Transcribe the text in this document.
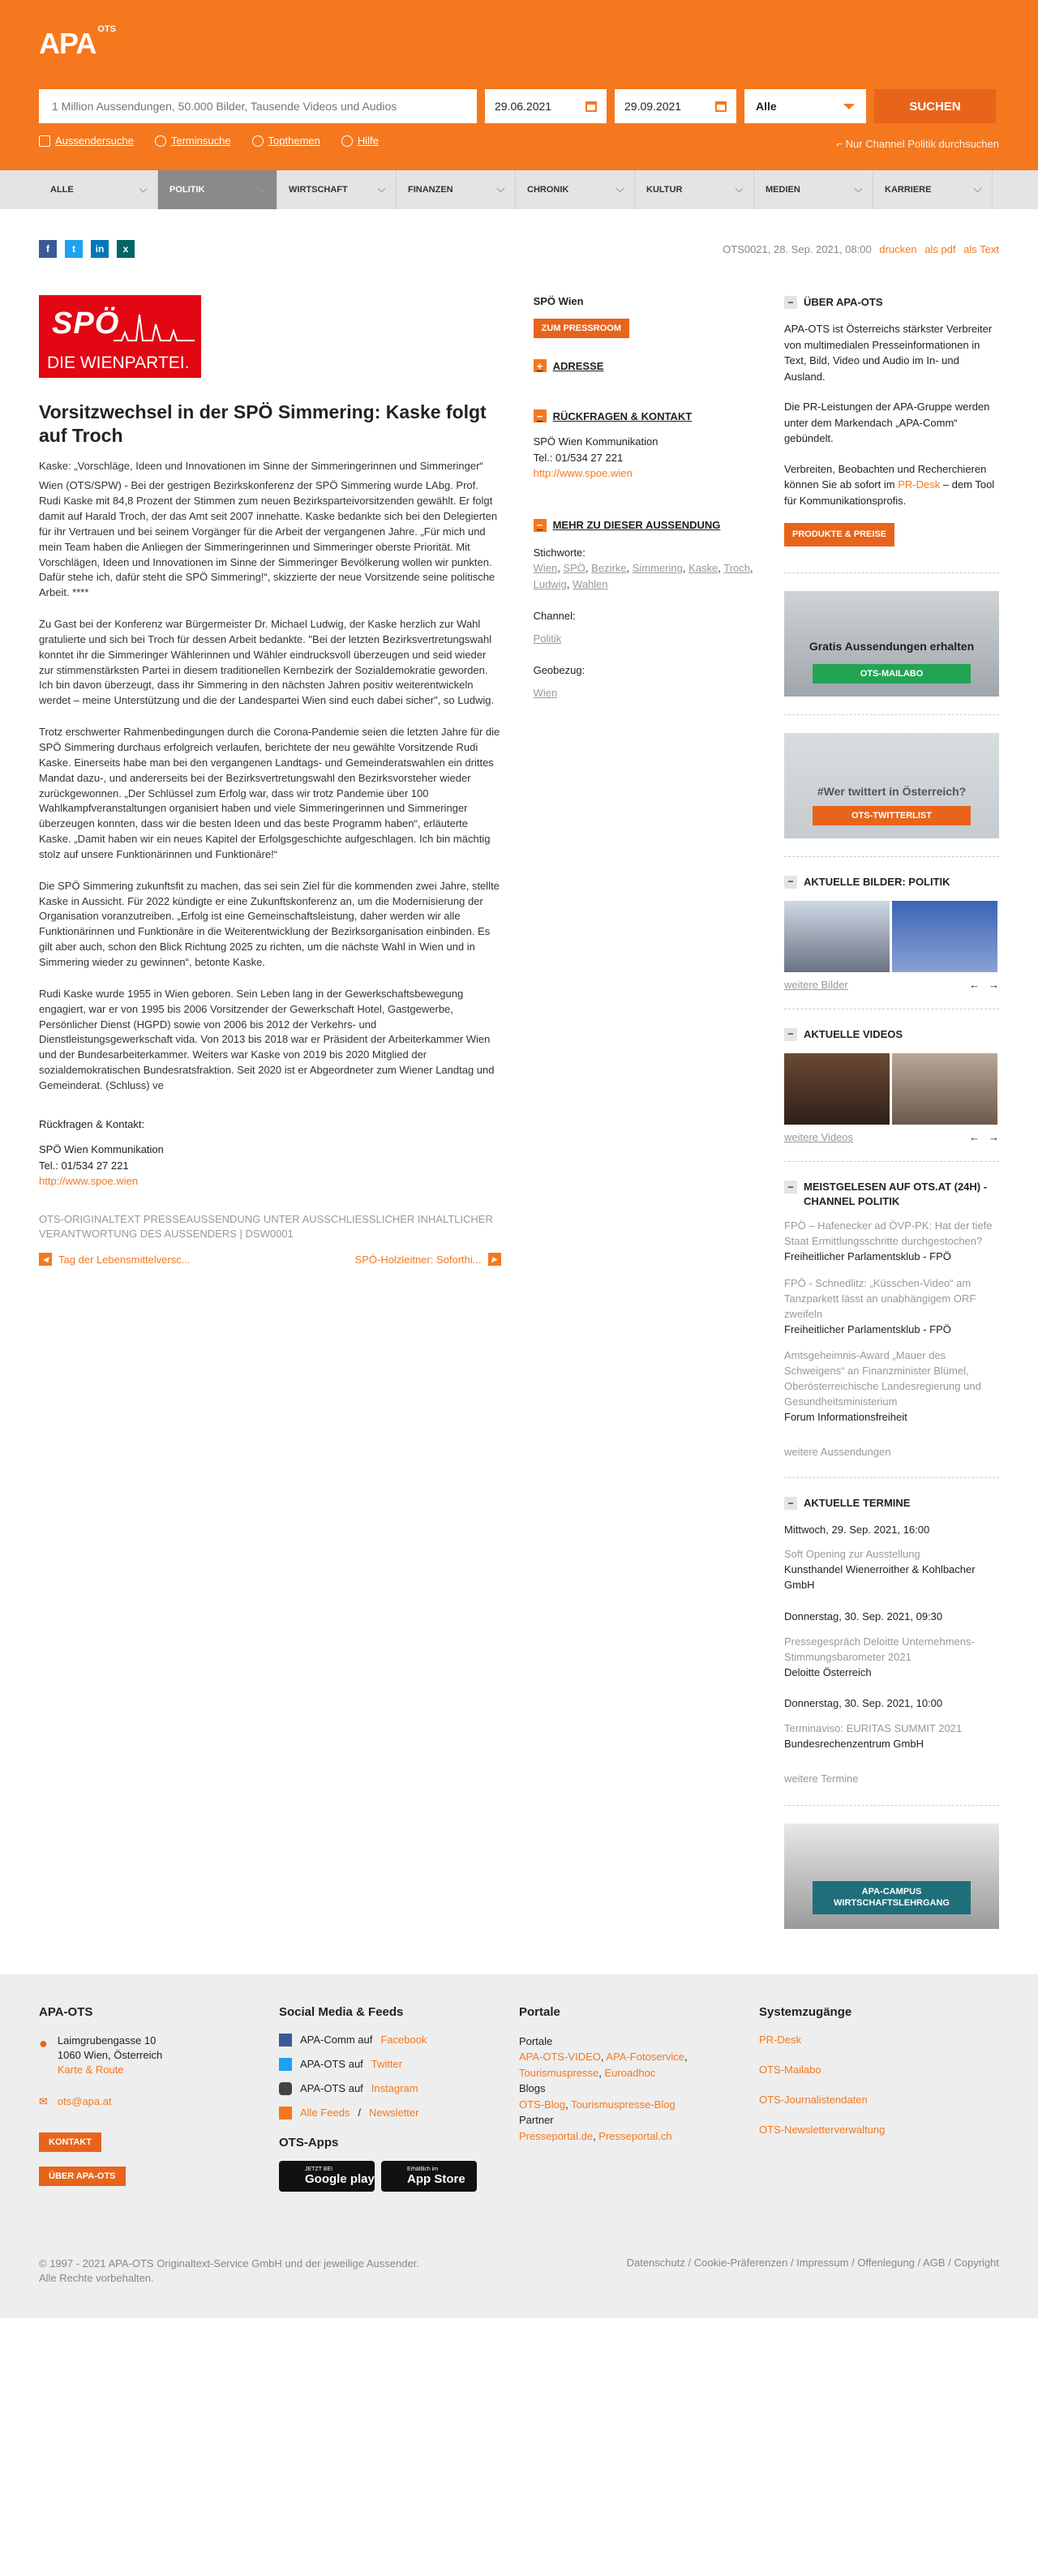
APA OTS
1 Million Aussendungen, 50.000 Bilder, Tausende Videos und Audios
29.06.2021	29.09.2021	Alle	SUCHEN
Aussendersuche	Terminsuche	Topthemen	Hilfe	⌐ Nur Channel Politik durchsuchen
ALLE	POLITIK	WIRTSCHAFT	FINANZEN	CHRONIK	KULTUR	MEDIEN	KARRIERE
f	t	in	x	OTS0021, 28. Sep. 2021, 08:00 drucken als pdf als Text
SPÖ
DIE WIENPARTEI.
Vorsitzwechsel in der SPÖ Simmering: Kaske folgt auf Troch

Kaske: „Vorschläge, Ideen und Innovationen im Sinne der Simmeringerinnen und Simmeringer“

Wien (OTS/SPW) - Bei der gestrigen Bezirkskonferenz der SPÖ Simmering wurde LAbg. Prof. Rudi Kaske mit 84,8 Prozent der Stimmen zum neuen Bezirksparteivorsitzenden gewählt. Er folgt damit auf Harald Troch, der das Amt seit 2007 innehatte. Kaske bedankte sich bei den Delegierten für ihr Vertrauen und bei seinem Vorgänger für die Arbeit der vergangenen Jahre. „Für mich und mein Team haben die Anliegen der Simmeringerinnen und Simmeringer oberste Priorität. Mit Vorschlägen, Ideen und Innovationen im Sinne der Simmeringer Bevölkerung wollen wir punkten. Dafür stehe ich, dafür steht die SPÖ Simmering!“, skizzierte der neue Vorsitzende seine politische Arbeit. ****

Zu Gast bei der Konferenz war Bürgermeister Dr. Michael Ludwig, der Kaske herzlich zur Wahl gratulierte und sich bei Troch für dessen Arbeit bedankte. "Bei der letzten Bezirksvertretungswahl konntet ihr die Simmeringer Wählerinnen und Wähler eindrucksvoll überzeugen und seid wieder zur stimmenstärksten Partei in diesem traditionellen Kernbezirk der Sozialdemokratie geworden. Ich bin davon überzeugt, dass ihr Simmering in den nächsten Jahren positiv weiterentwickeln werdet – meine Unterstützung und die der Landespartei Wien sind euch dabei sicher", so Ludwig.

Trotz erschwerter Rahmenbedingungen durch die Corona-Pandemie seien die letzten Jahre für die SPÖ Simmering durchaus erfolgreich verlaufen, berichtete der neu gewählte Vorsitzende Rudi Kaske. Einerseits habe man bei den vergangenen Landtags- und Gemeinderatswahlen ein drittes Mandat dazu-, und andererseits bei der Bezirksvertretungswahl den Bezirksvorsteher wieder zurückgewonnen. „Der Schlüssel zum Erfolg war, dass wir trotz Pandemie über 100 Wahlkampfveranstaltungen organisiert haben und viele Simmeringerinnen und Simmeringer überzeugen konnten, dass wir die besten Ideen und das beste Programm haben“, erläuterte Kaske. „Damit haben wir ein neues Kapitel der Erfolgsgeschichte aufgeschlagen. Ich bin mächtig stolz auf unsere Funktionärinnen und Funktionäre!“

Die SPÖ Simmering zukunftsfit zu machen, das sei sein Ziel für die kommenden zwei Jahre, stellte Kaske in Aussicht. Für 2022 kündigte er eine Zukunftskonferenz an, um die Modernisierung der Organisation voranzutreiben. „Erfolg ist eine Gemeinschaftsleistung, daher werden wir alle Funktionärinnen und Funktionäre in die Weiterentwicklung der Bezirksorganisation einbinden. Es gilt aber auch, schon den Blick Richtung 2025 zu richten, um die nächste Wahl in Wien und in Simmering wieder zu gewinnen“, betonte Kaske.

Rudi Kaske wurde 1955 in Wien geboren. Sein Leben lang in der Gewerkschaftsbewegung engagiert, war er von 1995 bis 2006 Vorsitzender der Gewerkschaft Hotel, Gastgewerbe, Persönlicher Dienst (HGPD) sowie von 2006 bis 2012 der Verkehrs- und Dienstleistungsgewerkschaft vida. Von 2013 bis 2018 war er Präsident der Arbeiterkammer Wien und der Bundesarbeiterkammer. Weiters war Kaske von 2019 bis 2020 Mitglied der sozialdemokratischen Bundesratsfraktion. Seit 2020 ist er Abgeordneter zum Wiener Landtag und Gemeinderat. (Schluss) ve

Rückfragen & Kontakt:
SPÖ Wien Kommunikation
Tel.: 01/534 27 221
http://www.spoe.wien
OTS-ORIGINALTEXT PRESSEAUSSENDUNG UNTER AUSSCHLIESSLICHER INHALTLICHER VERANTWORTUNG DES AUSSENDERS | DSW0001
◀ Tag der Lebensmittelversc...	SPÖ-Holzleitner: Soforthi...	▶
SPÖ Wien
ZUM PRESSROOM
+ ADRESSE
− RÜCKFRAGEN & KONTAKT
SPÖ Wien Kommunikation
Tel.: 01/534 27 221
http://www.spoe.wien
− MEHR ZU DIESER AUSSENDUNG
Stichworte:
Wien, SPÖ, Bezirke, Simmering, Kaske, Troch, Ludwig, Wahlen
Channel:
Politik
Geobezug:
Wien
− ÜBER APA-OTS

APA-OTS ist Österreichs stärkster Verbreiter von multimedialen Presseinformationen in Text, Bild, Video und Audio im In- und Ausland.

Die PR-Leistungen der APA-Gruppe werden unter dem Markendach „APA-Comm“ gebündelt.

Verbreiten, Beobachten und Recherchieren können Sie ab sofort im PR-Desk – dem Tool für Kommunikationsprofis.

PRODUKTE & PREISE
Gratis Aussendungen erhalten
OTS-MAILABO
#Wer twittert in Österreich?
OTS-TWITTERLIST
− AKTUELLE BILDER: POLITIK
weitere Bilder	← →
− AKTUELLE VIDEOS
weitere Videos	← →
− MEISTGELESEN AUF OTS.AT (24H) - CHANNEL POLITIK
FPÖ – Hafenecker ad ÖVP-PK: Hat der tiefe Staat Ermittlungsschritte durchgestochen?
Freiheitlicher Parlamentsklub - FPÖ
FPÖ - Schnedlitz: „Küsschen-Video“ am Tanzparkett lässt an unabhängigem ORF zweifeln
Freiheitlicher Parlamentsklub - FPÖ
Amtsgeheimnis-Award „Mauer des Schweigens“ an Finanzminister Blümel, Oberösterreichische Landesregierung und Gesundheitsministerium
Forum Informationsfreiheit
weitere Aussendungen
− AKTUELLE TERMINE
Mittwoch, 29. Sep. 2021, 16:00
Soft Opening zur Ausstellung
Kunsthandel Wienerroither & Kohlbacher GmbH
Donnerstag, 30. Sep. 2021, 09:30
Pressegespräch Deloitte Unternehmens-Stimmungsbarometer 2021
Deloitte Österreich
Donnerstag, 30. Sep. 2021, 10:00
Terminaviso: EURITAS SUMMIT 2021
Bundesrechenzentrum GmbH
weitere Termine
APA-CAMPUS
WIRTSCHAFTSLEHRGANG
APA-OTS
● Laimgrubengasse 10
1060 Wien, Österreich
Karte & Route
✉ ots@apa.at
KONTAKT
ÜBER APA-OTS
Social Media & Feeds
APA-Comm auf Facebook
APA-OTS auf Twitter
APA-OTS auf Instagram
Alle Feeds / Newsletter
OTS-Apps
JETZT BEI
Google play
Erhältlich im
App Store
Portale
Portale
APA-OTS-VIDEO, APA-Fotoservice,
Tourismuspresse, Euroadhoc
Blogs
OTS-Blog, Tourismuspresse-Blog
Partner
Presseportal.de, Presseportal.ch
Systemzugänge
PR-Desk
OTS-Mailabo
OTS-Journalistendaten
OTS-Newsletterverwaltung
© 1997 - 2021 APA-OTS Originaltext-Service GmbH und der jeweilige Aussender.
Alle Rechte vorbehalten.
Datenschutz / Cookie-Präferenzen / Impressum / Offenlegung / AGB / Copyright
